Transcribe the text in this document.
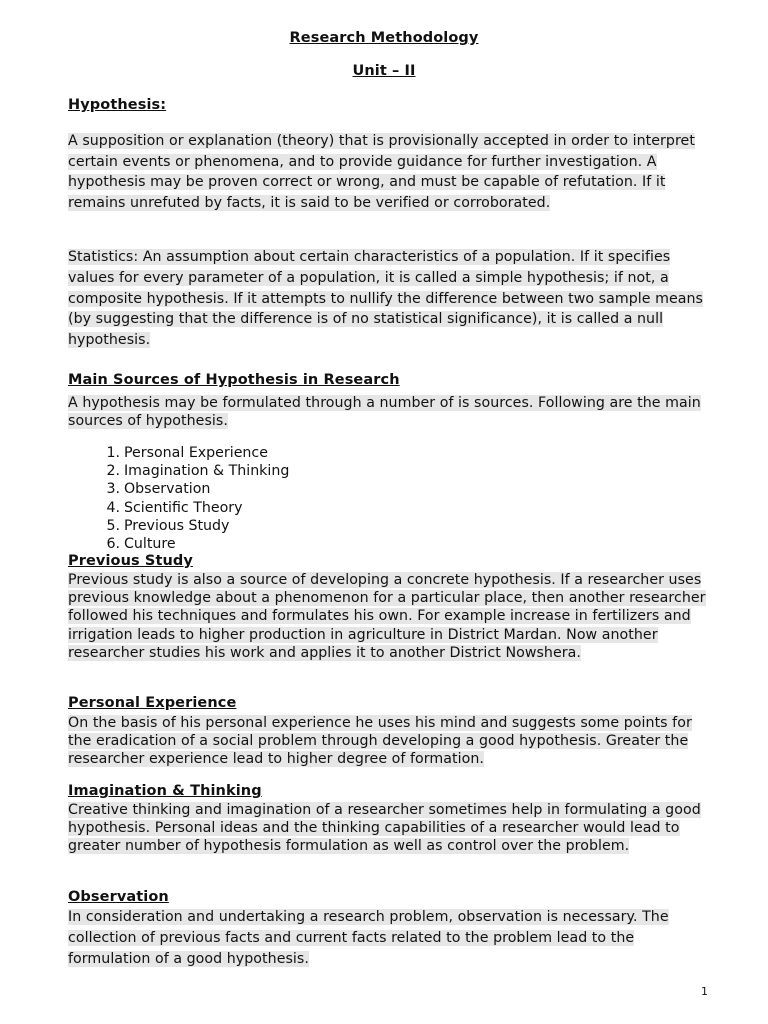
Research Methodology
Unit – II
Hypothesis:
A supposition or explanation (theory) that is provisionally accepted in order to interpret certain events or phenomena, and to provide guidance for further investigation. A hypothesis may be proven correct or wrong, and must be capable of refutation. If it remains unrefuted by facts, it is said to be verified or corroborated.
Statistics: An assumption about certain characteristics of a population. If it specifies values for every parameter of a population, it is called a simple hypothesis; if not, a composite hypothesis. If it attempts to nullify the difference between two sample means (by suggesting that the difference is of no statistical significance), it is called a null hypothesis.
Main Sources of Hypothesis in Research
A hypothesis may be formulated through a number of is sources. Following are the main sources of hypothesis.
1. Personal Experience
2. Imagination & Thinking
3. Observation
4. Scientific Theory
5. Previous Study
6. Culture
Previous Study
Previous study is also a source of developing a concrete hypothesis. If a researcher uses previous knowledge about a phenomenon for a particular place, then another researcher followed his techniques and formulates his own. For example increase in fertilizers and irrigation leads to higher production in agriculture in District Mardan. Now another researcher studies his work and applies it to another District Nowshera.
Personal Experience
On the basis of his personal experience he uses his mind and suggests some points for the eradication of a social problem through developing a good hypothesis. Greater the researcher experience lead to higher degree of formation.
Imagination & Thinking
Creative thinking and imagination of a researcher sometimes help in formulating a good hypothesis. Personal ideas and the thinking capabilities of a researcher would lead to greater number of hypothesis formulation as well as control over the problem.
Observation
In consideration and undertaking a research problem, observation is necessary. The collection of previous facts and current facts related to the problem lead to the formulation of a good hypothesis.
1
